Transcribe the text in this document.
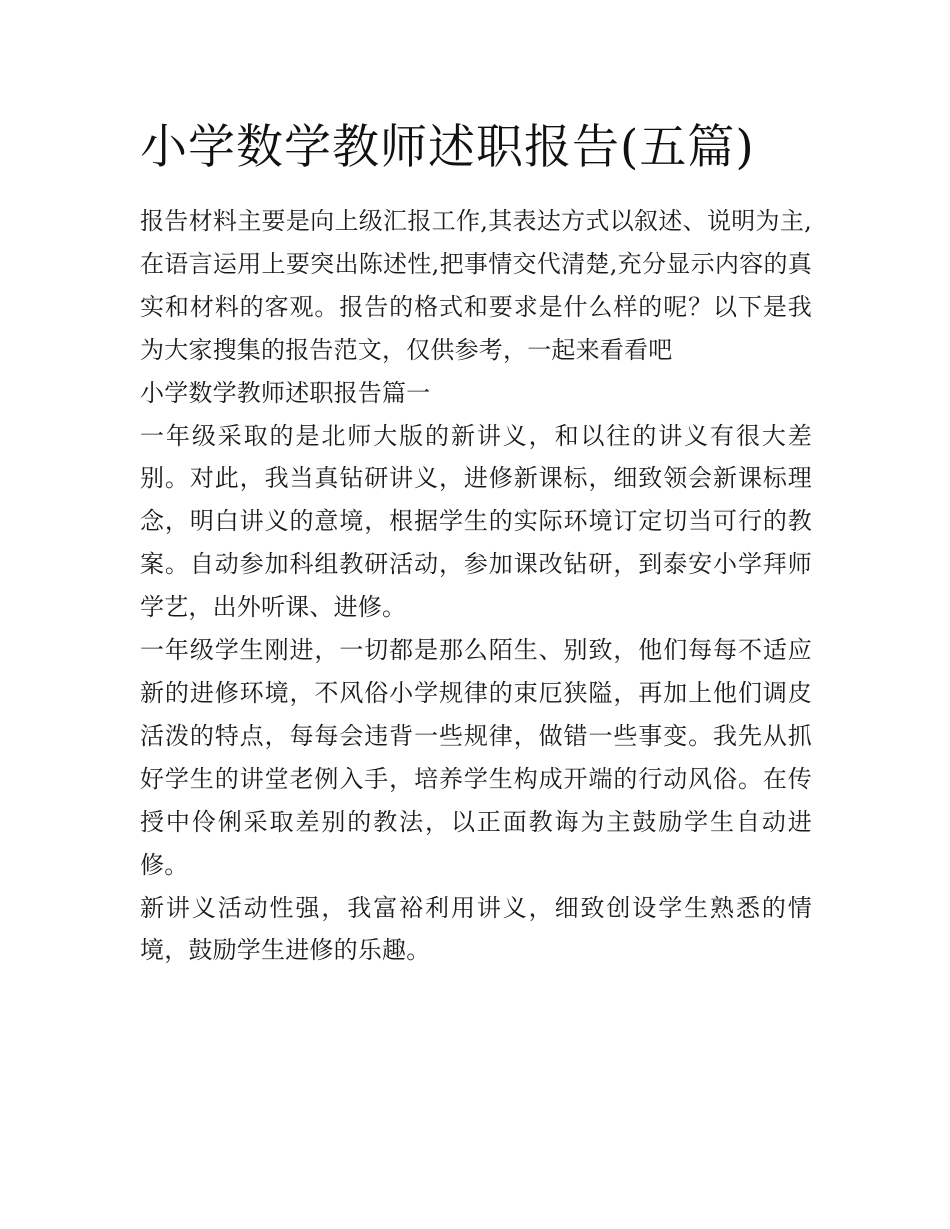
小学数学教师述职报告(五篇)

报告材料主要是向上级汇报工作,其表达方式以叙述、说明为主,在语言运用上要突出陈述性,把事情交代清楚,充分显示内容的真实和材料的客观。报告的格式和要求是什么样的呢？以下是我为大家搜集的报告范文，仅供参考，一起来看看吧

小学数学教师述职报告篇一

一年级采取的是北师大版的新讲义，和以往的讲义有很大差别。对此，我当真钻研讲义，进修新课标，细致领会新课标理念，明白讲义的意境，根据学生的实际环境订定切当可行的教案。自动参加科组教研活动，参加课改钻研，到泰安小学拜师学艺，出外听课、进修。

一年级学生刚进，一切都是那么陌生、别致，他们每每不适应新的进修环境，不风俗小学规律的束厄狭隘，再加上他们调皮活泼的特点，每每会违背一些规律，做错一些事变。我先从抓好学生的讲堂老例入手，培养学生构成开端的行动风俗。在传授中伶俐采取差别的教法，以正面教诲为主鼓励学生自动进修。

新讲义活动性强，我富裕利用讲义，细致创设学生熟悉的情境，鼓励学生进修的乐趣。
